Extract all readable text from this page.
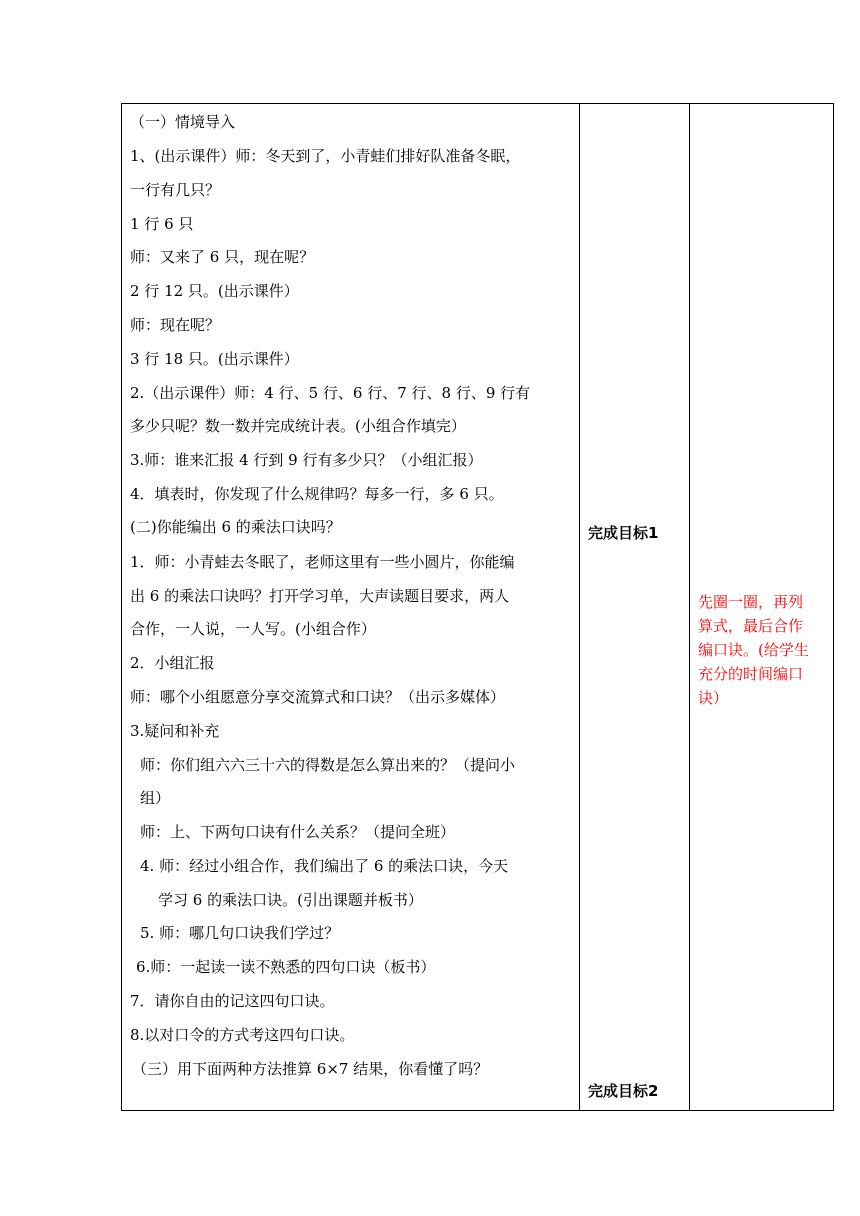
（一）情境导入
1、(出示课件）师：冬天到了，小青蛙们排好队准备冬眠，
一行有几只？
1 行 6 只
师：又来了 6 只，现在呢？
2 行 12 只。(出示课件）
师：现在呢？
3 行 18 只。(出示课件）
2.（出示课件）师：4 行、5 行、6 行、7 行、8 行、9 行有
多少只呢？数一数并完成统计表。(小组合作填完）
3.师：谁来汇报 4 行到 9 行有多少只？（小组汇报）
4．填表时，你发现了什么规律吗？每多一行，多 6 只。
(二)你能编出 6 的乘法口诀吗？
1．师：小青蛙去冬眠了，老师这里有一些小圆片，你能编
出 6 的乘法口诀吗？打开学习单，大声读题目要求，两人
合作，一人说，一人写。(小组合作）
2．小组汇报
师：哪个小组愿意分享交流算式和口诀？（出示多媒体）
3.疑问和补充
师：你们组六六三十六的得数是怎么算出来的？（提问小
组）
师：上、下两句口诀有什么关系？（提问全班）
4. 师：经过小组合作，我们编出了 6 的乘法口诀，今天
学习 6 的乘法口诀。(引出课题并板书）
5. 师：哪几句口诀我们学过？
6.师：一起读一读不熟悉的四句口诀（板书）
7．请你自由的记这四句口诀。
8.以对口令的方式考这四句口诀。
（三）用下面两种方法推算 6×7 结果，你看懂了吗？
完成目标1
完成目标2
先圈一圈，再列
算式，最后合作
编口诀。(给学生
充分的时间编口
诀）
